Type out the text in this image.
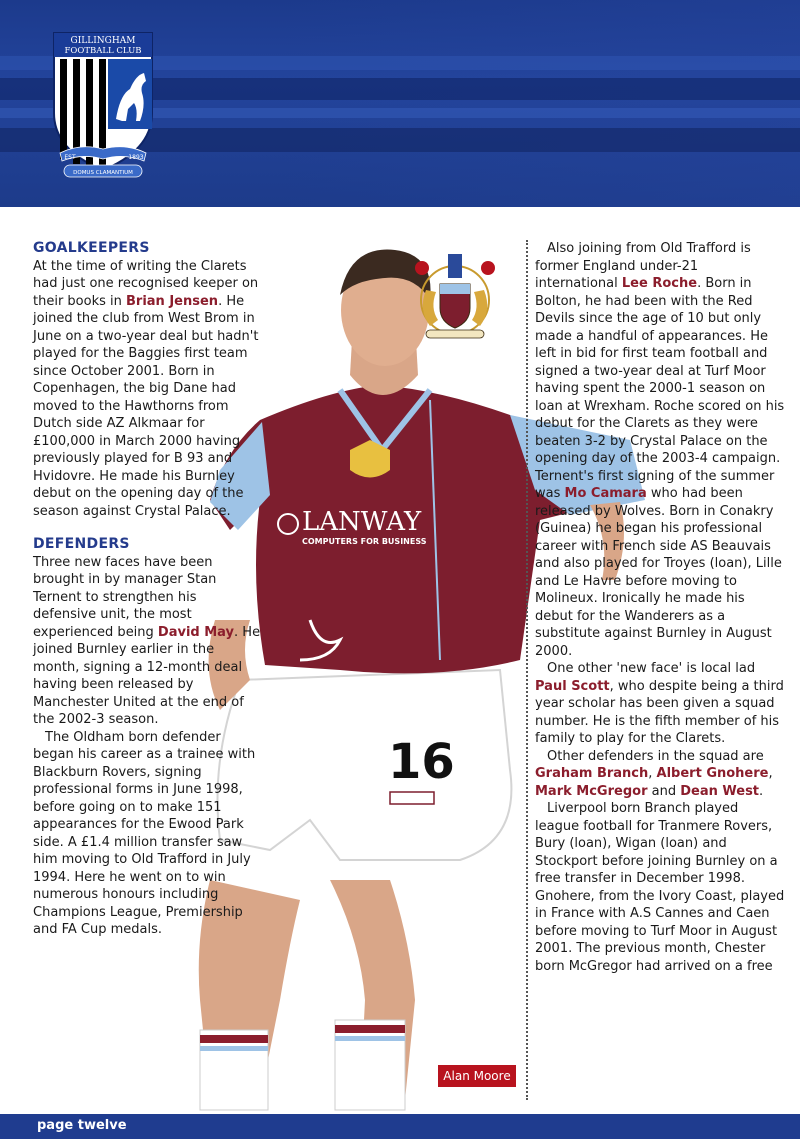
GILLINGHAM
FOOTBALL CLUB
EST	1893
DOMUS CLAMANTIUM
LANWAY
COMPUTERS FOR BUSINESS
16

GOALKEEPERS

At the time of writing the Clarets had just one recognised keeper on their books in Brian Jensen. He joined the club from West Brom in June on a two-year deal but hadn't played for the Baggies first team since October 2001. Born in Copenhagen, the big Dane had moved to the Hawthorns from Dutch side AZ Alkmaar for £100,000 in March 2000 having previously played for B 93 and Hvidovre. He made his Burnley debut on the opening day of the season against Crystal Palace.

DEFENDERS

Three new faces have been brought in by manager Stan Ternent to strengthen his defensive unit, the most experienced being David May. He joined Burnley earlier in the month, signing a 12-month deal having been released by Manchester United at the end of the 2002-3 season.

The Oldham born defender began his career as a trainee with Blackburn Rovers, signing professional forms in June 1998, before going on to make 151 appearances for the Ewood Park side. A £1.4 million transfer saw him moving to Old Trafford in July 1994. Here he went on to win numerous honours including Champions League, Premiership and FA Cup medals.

Also joining from Old Trafford is former England under-21 international Lee Roche. Born in Bolton, he had been with the Red Devils since the age of 10 but only made a handful of appearances. He left in bid for first team football and signed a two-year deal at Turf Moor having spent the 2000-1 season on loan at Wrexham. Roche scored on his debut for the Clarets as they were beaten 3-2 by Crystal Palace on the opening day of the 2003-4 campaign. Ternent's first signing of the summer was Mo Camara who had been released by Wolves. Born in Conakry (Guinea) he began his professional career with French side AS Beauvais and also played for Troyes (loan), Lille and Le Havre before moving to Molineux. Ironically he made his debut for the Wanderers as a substitute against Burnley in August 2000.

One other 'new face' is local lad Paul Scott, who despite being a third year scholar has been given a squad number. He is the fifth member of his family to play for the Clarets.

Other defenders in the squad are Graham Branch, Albert Gnohere, Mark McGregor and Dean West.

Liverpool born Branch played league football for Tranmere Rovers, Bury (loan), Wigan (loan) and Stockport before joining Burnley on a free transfer in December 1998. Gnohere, from the Ivory Coast, played in France with A.S Cannes and Caen before moving to Turf Moor in August 2001. The previous month, Chester born McGregor had arrived on a free

Alan Moore
page twelve
